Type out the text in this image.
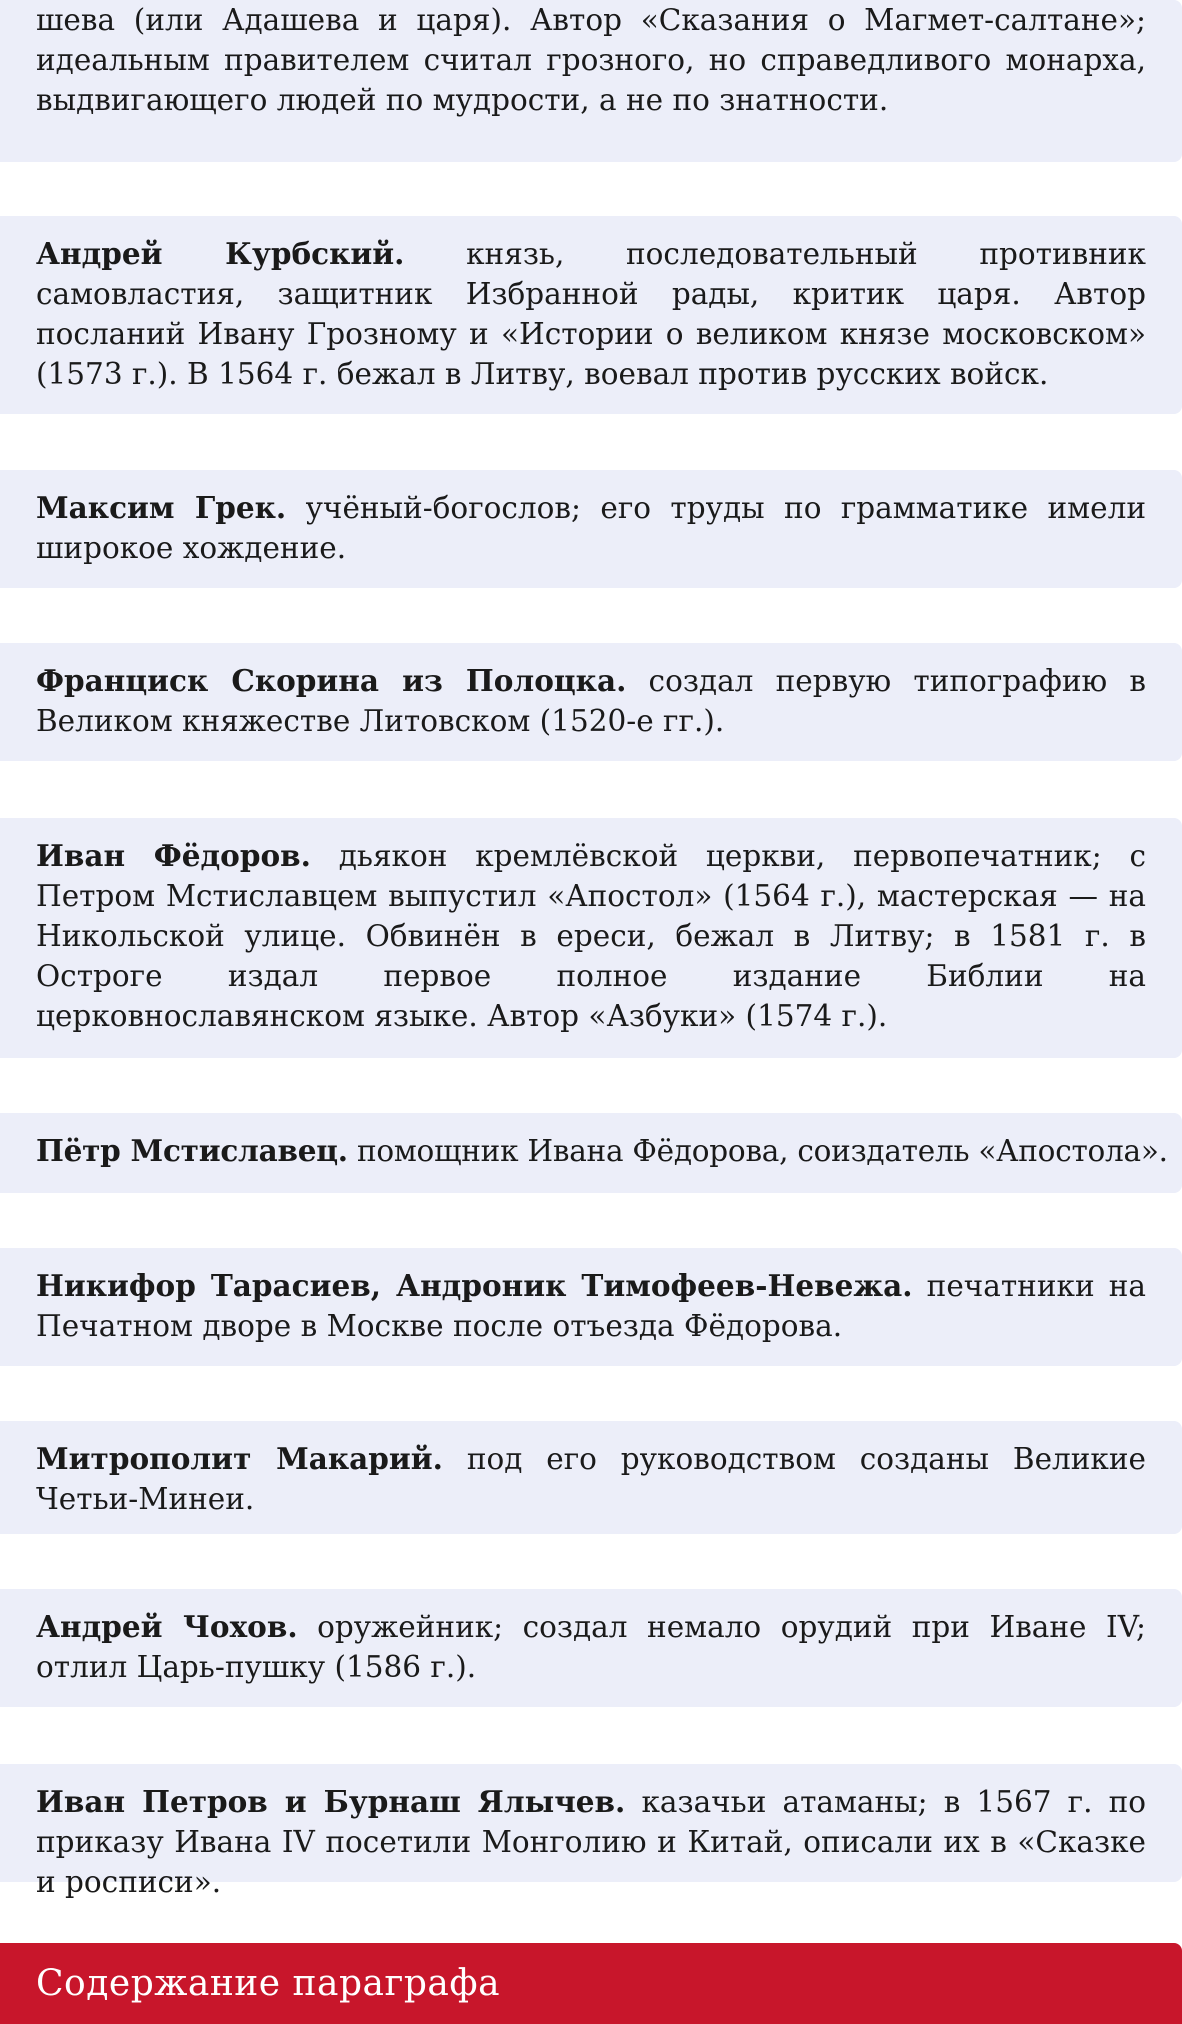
шева (или Адашева и царя). Автор «Сказания о Магмет-салтане»; идеальным правителем считал грозного, но справедливого монарха, выдвигающего людей по мудрости, а не по знатности.

Андрей Курбский. князь, последовательный противник самовластия, защитник Избранной рады, критик царя. Автор посланий Ивану Грозному и «Истории о великом князе московском» (1573 г.). В 1564 г. бежал в Литву, воевал против русских войск.

Максим Грек. учёный-богослов; его труды по грамматике имели широкое хождение.

Франциск Скорина из Полоцка. создал первую типографию в Великом княжестве Литовском (1520-е гг.).

Иван Фёдоров. дьякон кремлёвской церкви, первопечатник; с Петром Мстиславцем выпустил «Апостол» (1564 г.), мастерская — на Никольской улице. Обвинён в ереси, бежал в Литву; в 1581 г. в Остроге издал первое полное издание Библии на церковнославянском языке. Автор «Азбуки» (1574 г.).

Пётр Мстиславец. помощник Ивана Фёдорова, соиздатель «Апостола».

Никифор Тарасиев, Андроник Тимофеев-Невежа. печатники на Печатном дворе в Москве после отъезда Фёдорова.

Митрополит Макарий. под его руководством созданы Великие Четьи-Минеи.

Андрей Чохов. оружейник; создал немало орудий при Иване IV; отлил Царь-пушку (1586 г.).

Иван Петров и Бурнаш Ялычев. казачьи атаманы; в 1567 г. по приказу Ивана IV посетили Монголию и Китай, описали их в «Сказке и росписи».

Содержание параграфа
